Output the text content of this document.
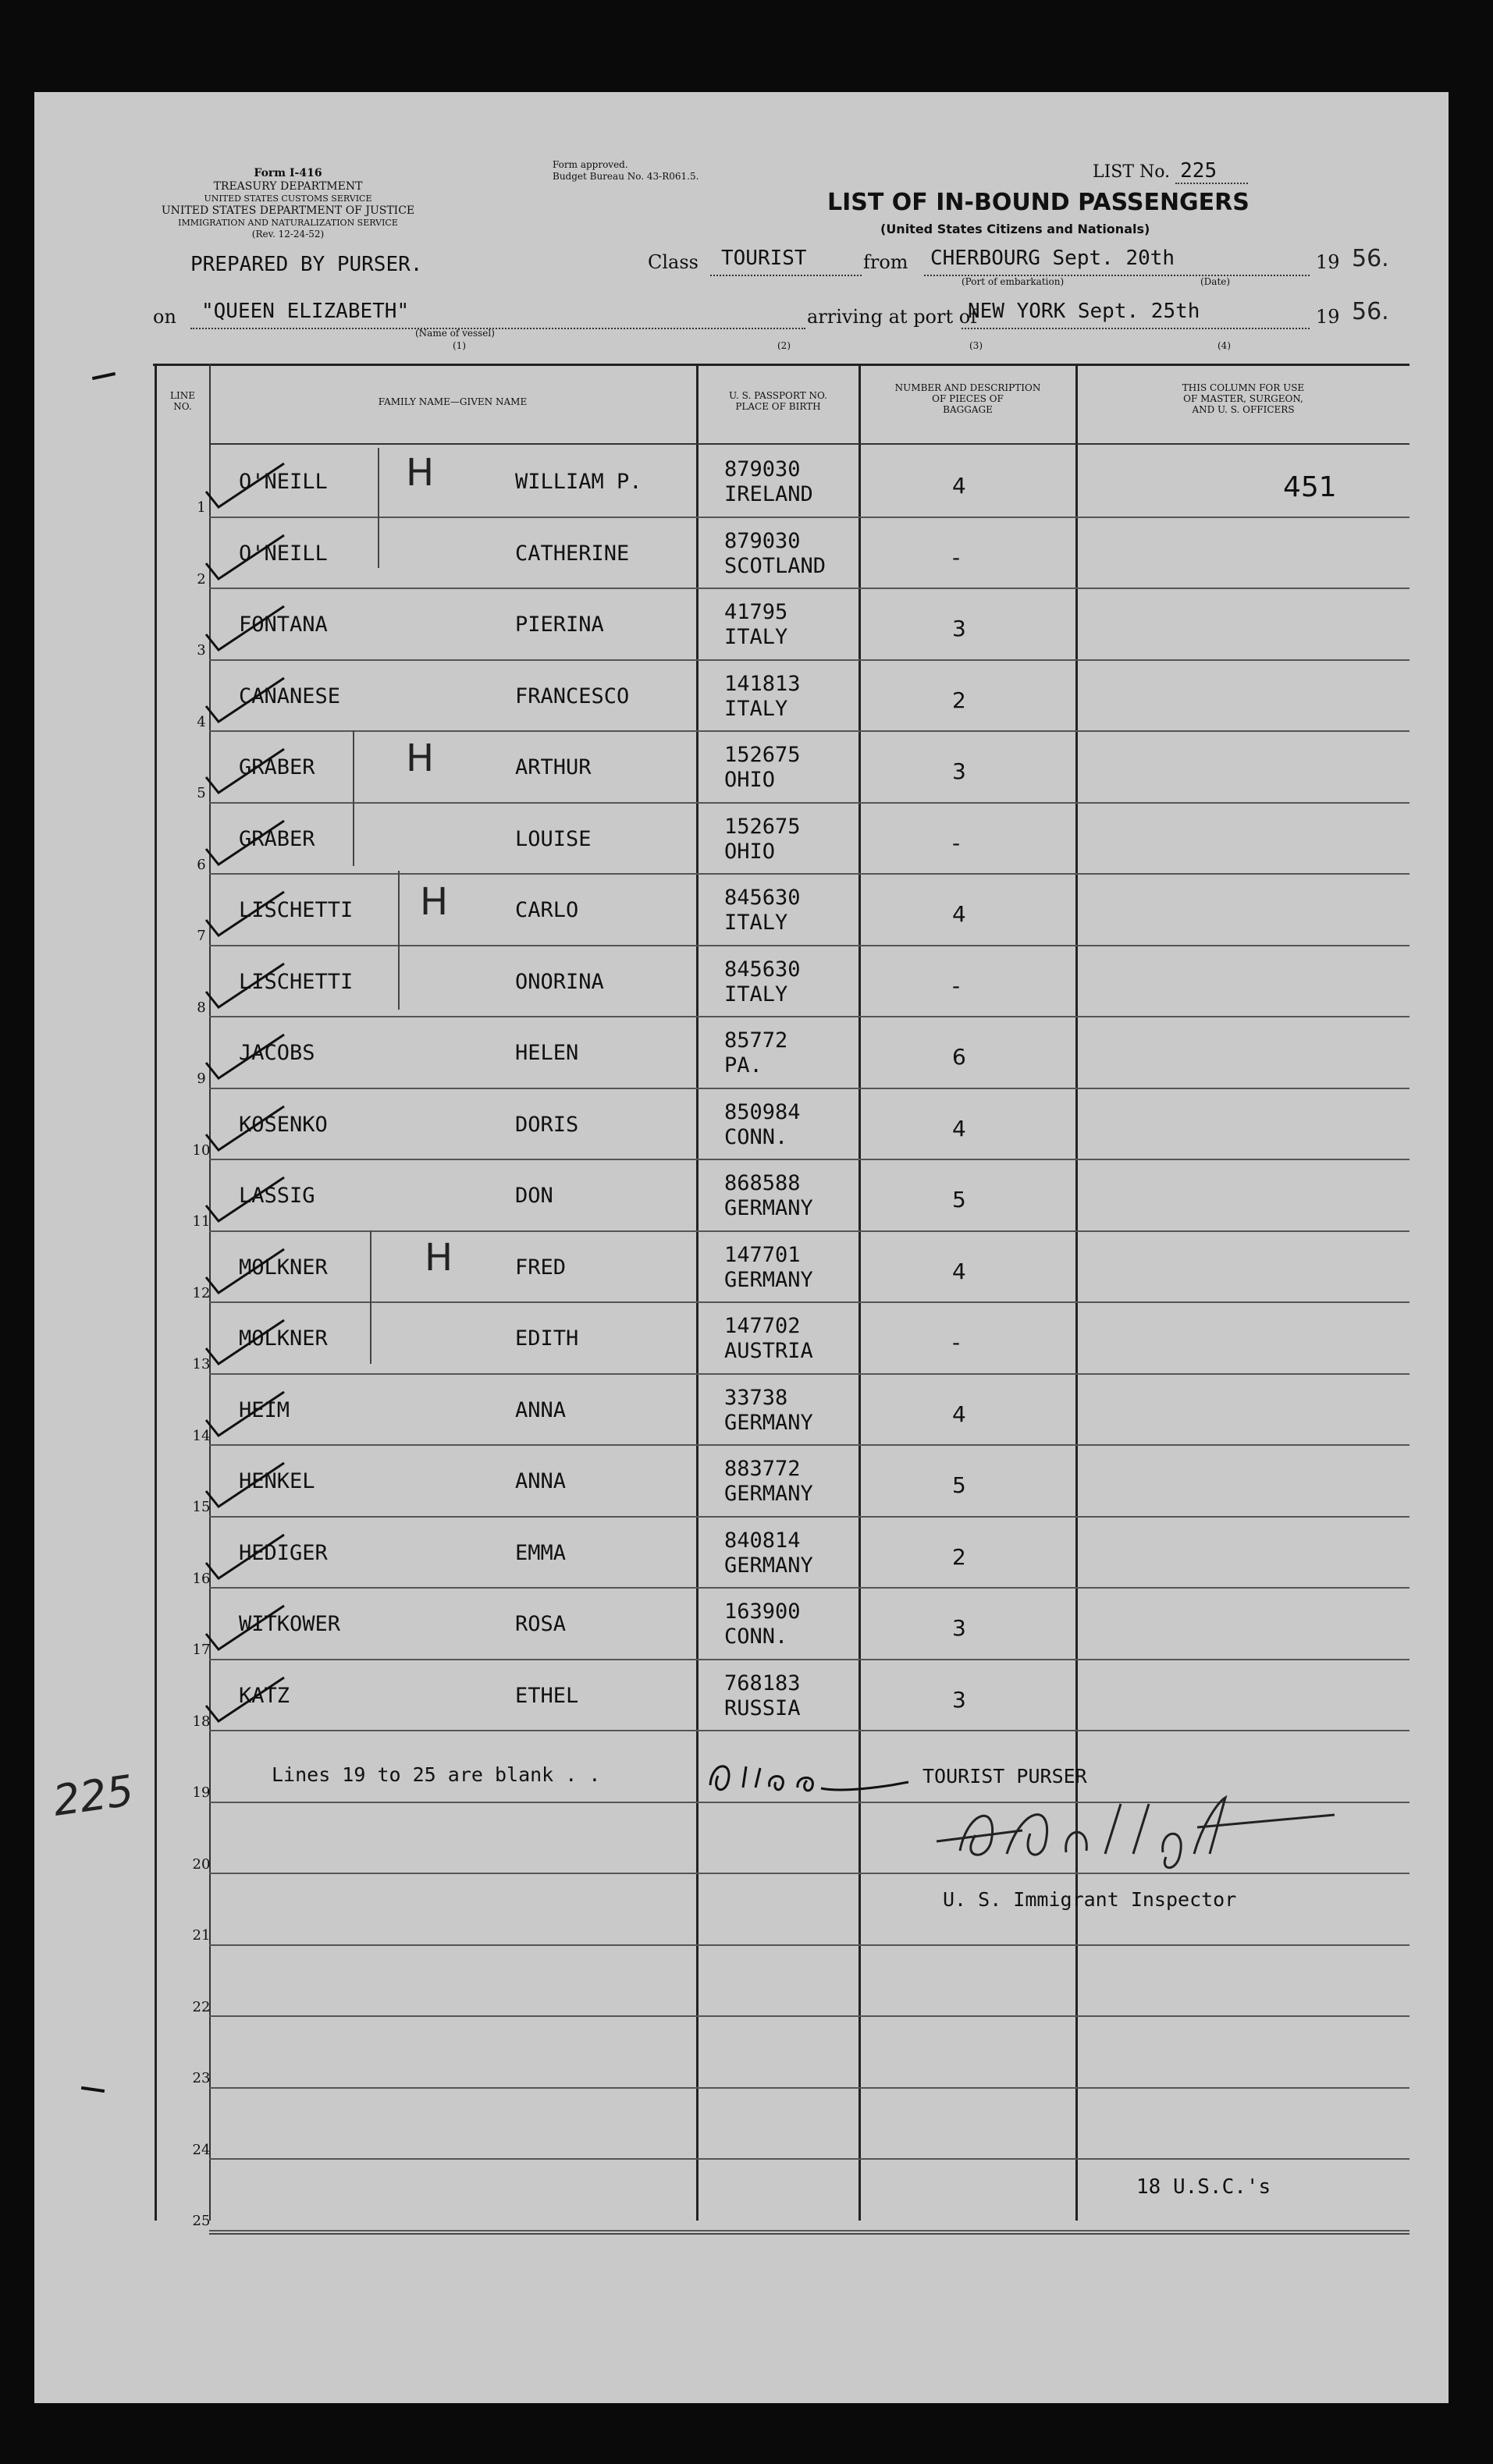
Form I-416
TREASURY DEPARTMENT
UNITED STATES CUSTOMS SERVICE
UNITED STATES DEPARTMENT OF JUSTICE
IMMIGRATION AND NATURALIZATION SERVICE
(Rev. 12-24-52)
Form approved.
Budget Bureau No. 43-R061.5.	LIST No. 225
LIST OF IN-BOUND PASSENGERS
(United States Citizens and Nationals)
PREPARED BY PURSER.	Class TOURIST	from CHERBOURG Sept. 20th	19 56.
(Port of embarkation)	(Date)
on "QUEEN ELIZABETH"
(Name of vessel)
(1)
arriving at port of
NEW YORK Sept. 25th	19 56.
(2)	(3)	(4)
LINE
NO.	FAMILY NAME—GIVEN NAME
U. S. PASSPORT NO.
PLACE OF BIRTH
NUMBER AND DESCRIPTION
OF PIECES OF
BAGGAGE
THIS COLUMN FOR USE
OF MASTER, SURGEON,
AND U. S. OFFICERS
1
O'NEILL	WILLIAM P.
879030
IRELAND	4	451
2
O'NEILL	CATHERINE
879030
SCOTLAND	-
3
FONTANA	PIERINA
41795
ITALY	3
4
CANANESE	FRANCESCO
141813
ITALY	2
5
GRABER	ARTHUR
152675
OHIO	3
6
GRABER	LOUISE
152675
OHIO	-
7
LISCHETTI	CARLO
845630
ITALY	4
8
LISCHETTI	ONORINA
845630
ITALY	-
9
JACOBS	HELEN
85772
PA.	6
10
KOSENKO	DORIS
850984
CONN.	4
11
LASSIG	DON
868588
GERMANY	5
12
MOLKNER	FRED
147701
GERMANY	4
13
MOLKNER	EDITH
147702
AUSTRIA	-
14
HEIM	ANNA
33738
GERMANY	4
15
HENKEL	ANNA
883772
GERMANY	5
16
HEDIGER	EMMA
840814
GERMANY	2
17
WITKOWER	ROSA
163900
CONN.	3
18
KATZ	ETHEL
768183
RUSSIA	3
19
20
21
22
23
24
25
H
H
H
H
Lines 19 to 25 are blank . .	TOURIST PURSER
U. S. Immigrant Inspector
18 U.S.C.'s
225
